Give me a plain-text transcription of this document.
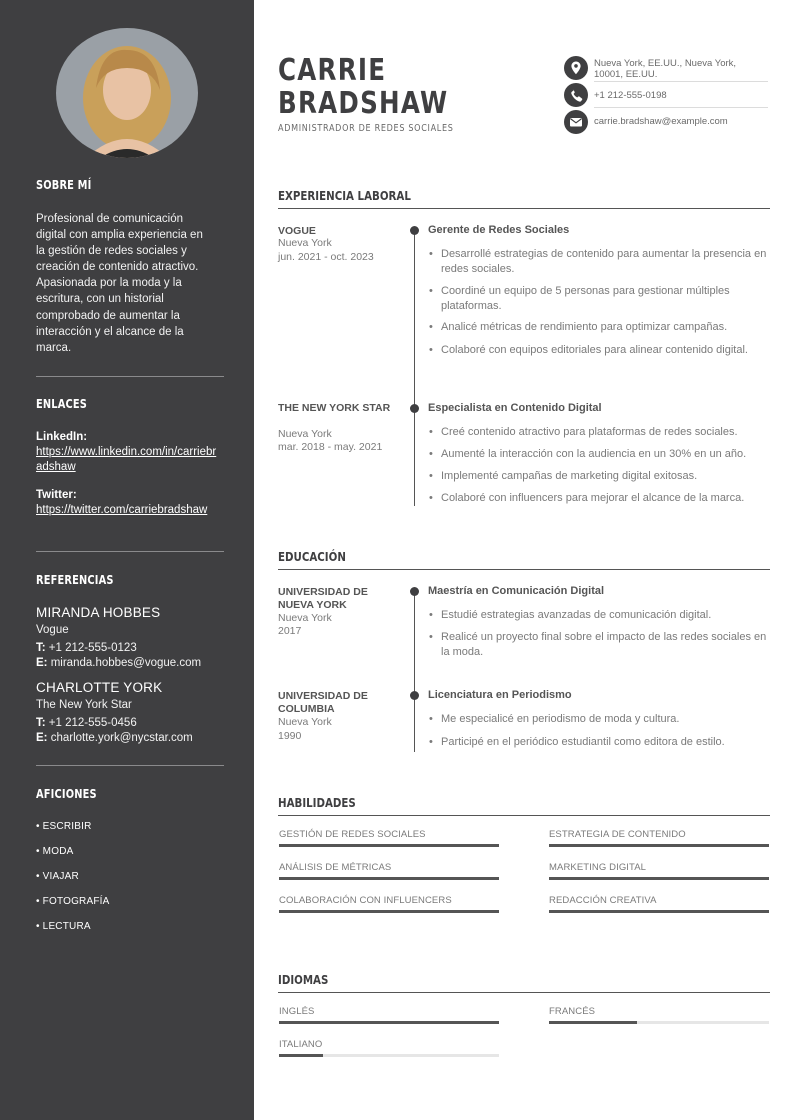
SOBRE MÍ
Profesional de comunicación digital con amplia experiencia en la gestión de redes sociales y creación de contenido atractivo. Apasionada por la moda y la escritura, con un historial comprobado de aumentar la interacción y el alcance de la marca.
ENLACES
LinkedIn:
https://www.linkedin.com/in/carriebradshaw
Twitter:
https://twitter.com/carriebradshaw
REFERENCIAS
MIRANDA HOBBES
Vogue
T: +1 212-555-0123
E: miranda.hobbes@vogue.com
CHARLOTTE YORK
The New York Star
T: +1 212-555-0456
E: charlotte.york@nycstar.com
AFICIONES
• ESCRIBIR
• MODA
• VIAJAR
• FOTOGRAFÍA
• LECTURA
CARRIE
BRADSHAW
ADMINISTRADOR DE REDES SOCIALES
Nueva York, EE.UU., Nueva York, 10001, EE.UU.
+1 212-555-0198
carrie.bradshaw@example.com
EXPERIENCIA LABORAL
VOGUE
Nueva York
jun. 2021 - oct. 2023
Gerente de Redes Sociales
• Desarrollé estrategias de contenido para aumentar la presencia en redes sociales.
• Coordiné un equipo de 5 personas para gestionar múltiples plataformas.
• Analicé métricas de rendimiento para optimizar campañas.
• Colaboré con equipos editoriales para alinear contenido digital.
THE NEW YORK STAR
Nueva York
mar. 2018 - may. 2021
Especialista en Contenido Digital
• Creé contenido atractivo para plataformas de redes sociales.
• Aumenté la interacción con la audiencia en un 30% en un año.
• Implementé campañas de marketing digital exitosas.
• Colaboré con influencers para mejorar el alcance de la marca.
EDUCACIÓN
UNIVERSIDAD DE NUEVA YORK
Nueva York
2017
Maestría en Comunicación Digital
• Estudié estrategias avanzadas de comunicación digital.
• Realicé un proyecto final sobre el impacto de las redes sociales en la moda.
UNIVERSIDAD DE COLUMBIA
Nueva York
1990
Licenciatura en Periodismo
• Me especialicé en periodismo de moda y cultura.
• Participé en el periódico estudiantil como editora de estilo.
HABILIDADES
GESTIÓN DE REDES SOCIALES	ESTRATEGIA DE CONTENIDO
ANÁLISIS DE MÉTRICAS	MARKETING DIGITAL
COLABORACIÓN CON INFLUENCERS	REDACCIÓN CREATIVA
IDIOMAS
INGLÉS	FRANCÉS
ITALIANO
